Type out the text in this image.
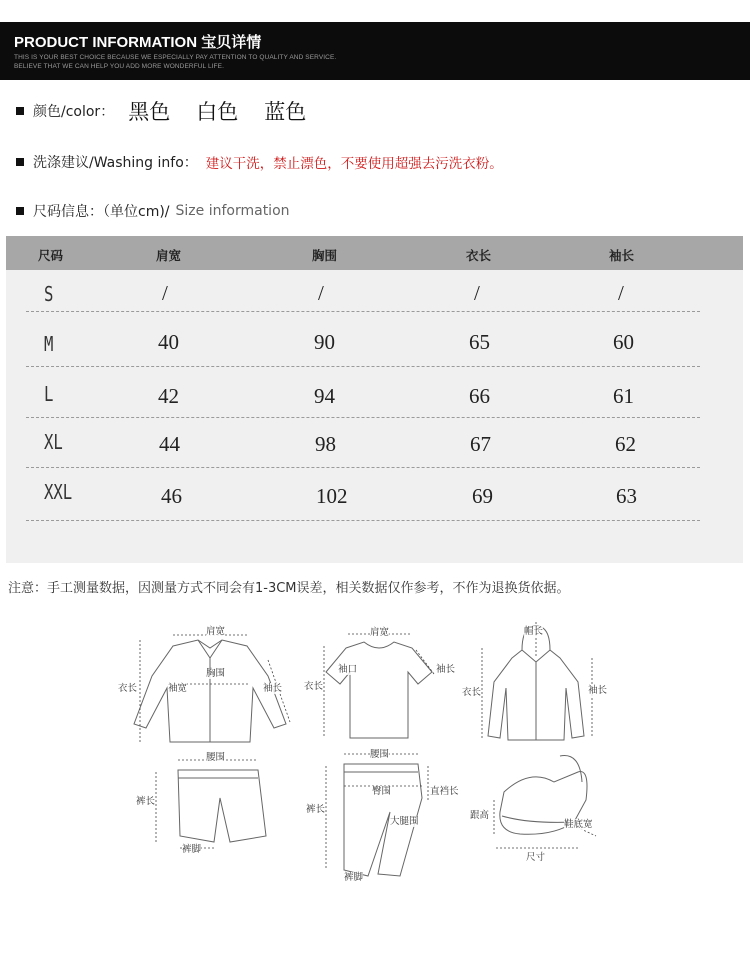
PRODUCT INFORMATION 宝贝详情
THIS IS YOUR BEST CHOICE BECAUSE WE ESPECIALLY PAY ATTENTION TO QUALITY AND SERVICE.
BELIEVE THAT WE CAN HELP YOU ADD MORE WONDERFUL LIFE.
颜色/color： 黑色 白色 蓝色
洗涤建议/Washing info： 建议干洗，禁止漂色，不要使用超强去污洗衣粉。
尺码信息：（单位cm)/ Size information
尺码	肩宽	胸围	衣长	袖长
S	/	/	/	/
M	40	90	65	60
L	42	94	66	61
XL	44	98	67	62
XXL	46	102	69	63
注意：手工测量数据，因测量方式不同会有1-3CM误差，相关数据仅作参考，不作为退换货依据。
肩宽
衣长	袖宽
胸围
袖长
肩宽
衣长
袖口	袖长
帽长
衣长	袖长
腰围
裤长
裤脚
腰围
臀围	直裆长
裤长
大腿围
裤脚
跟高
鞋底宽
尺寸
